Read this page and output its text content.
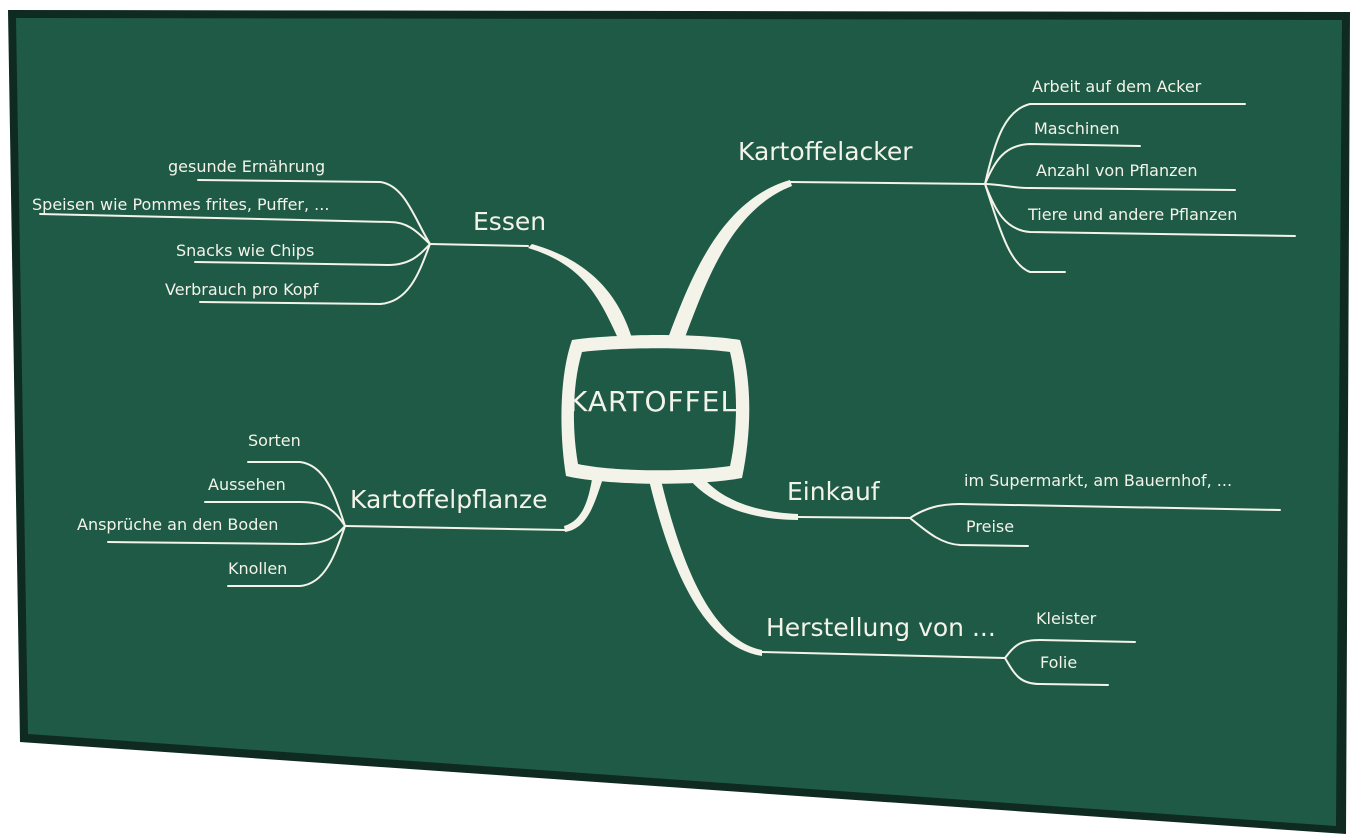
KARTOFFEL
Essen
gesunde Ernährung
Speisen wie Pommes frites, Puffer, ...
Snacks wie Chips
Verbrauch pro Kopf
Kartoffelacker
Arbeit auf dem Acker
Maschinen
Anzahl von Pflanzen
Tiere und andere Pflanzen
Kartoffelpflanze
Sorten
Aussehen
Ansprüche an den Boden
Knollen
Einkauf	im Supermarkt, am Bauernhof, ...
Preise
Herstellung von ...	Kleister
Folie
